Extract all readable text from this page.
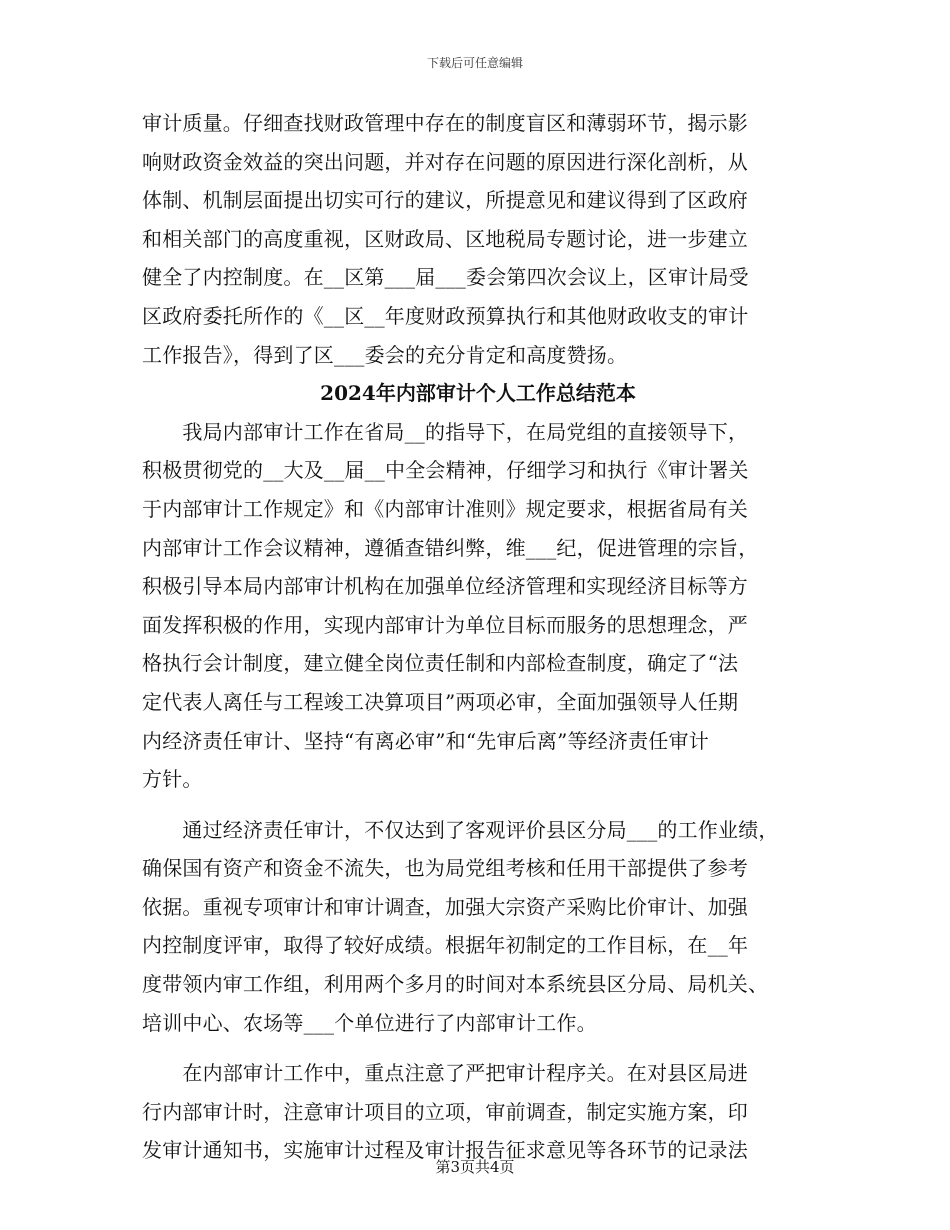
下载后可任意编辑
审计质量。仔细查找财政管理中存在的制度盲区和薄弱环节，揭示影
响财政资金效益的突出问题，并对存在问题的原因进行深化剖析，从
体制、机制层面提出切实可行的建议，所提意见和建议得到了区政府
和相关部门的高度重视，区财政局、区地税局专题讨论，进一步建立
健全了内控制度。在__区第___届___委会第四次会议上，区审计局受
区政府委托所作的《__区__年度财政预算执行和其他财政收支的审计
工作报告》，得到了区___委会的充分肯定和高度赞扬。
2024年内部审计个人工作总结范本
　　我局内部审计工作在省局__的指导下，在局党组的直接领导下，
积极贯彻党的__大及__届__中全会精神，仔细学习和执行《审计署关
于内部审计工作规定》和《内部审计准则》规定要求，根据省局有关
内部审计工作会议精神，遵循查错纠弊，维___纪，促进管理的宗旨，
积极引导本局内部审计机构在加强单位经济管理和实现经济目标等方
面发挥积极的作用，实现内部审计为单位目标而服务的思想理念，严
格执行会计制度，建立健全岗位责任制和内部检查制度，确定了“法
定代表人离任与工程竣工决算项目”两项必审，全面加强领导人任期
内经济责任审计、坚持“有离必审”和“先审后离”等经济责任审计
方针。
　　通过经济责任审计，不仅达到了客观评价县区分局___的工作业绩，
确保国有资产和资金不流失，也为局党组考核和任用干部提供了参考
依据。重视专项审计和审计调查，加强大宗资产采购比价审计、加强
内控制度评审，取得了较好成绩。根据年初制定的工作目标，在__年
度带领内审工作组，利用两个多月的时间对本系统县区分局、局机关、
培训中心、农场等___个单位进行了内部审计工作。
　　在内部审计工作中，重点注意了严把审计程序关。在对县区局进
行内部审计时，注意审计项目的立项，审前调查，制定实施方案，印
发审计通知书，实施审计过程及审计报告征求意见等各环节的记录法
第3页共4页
